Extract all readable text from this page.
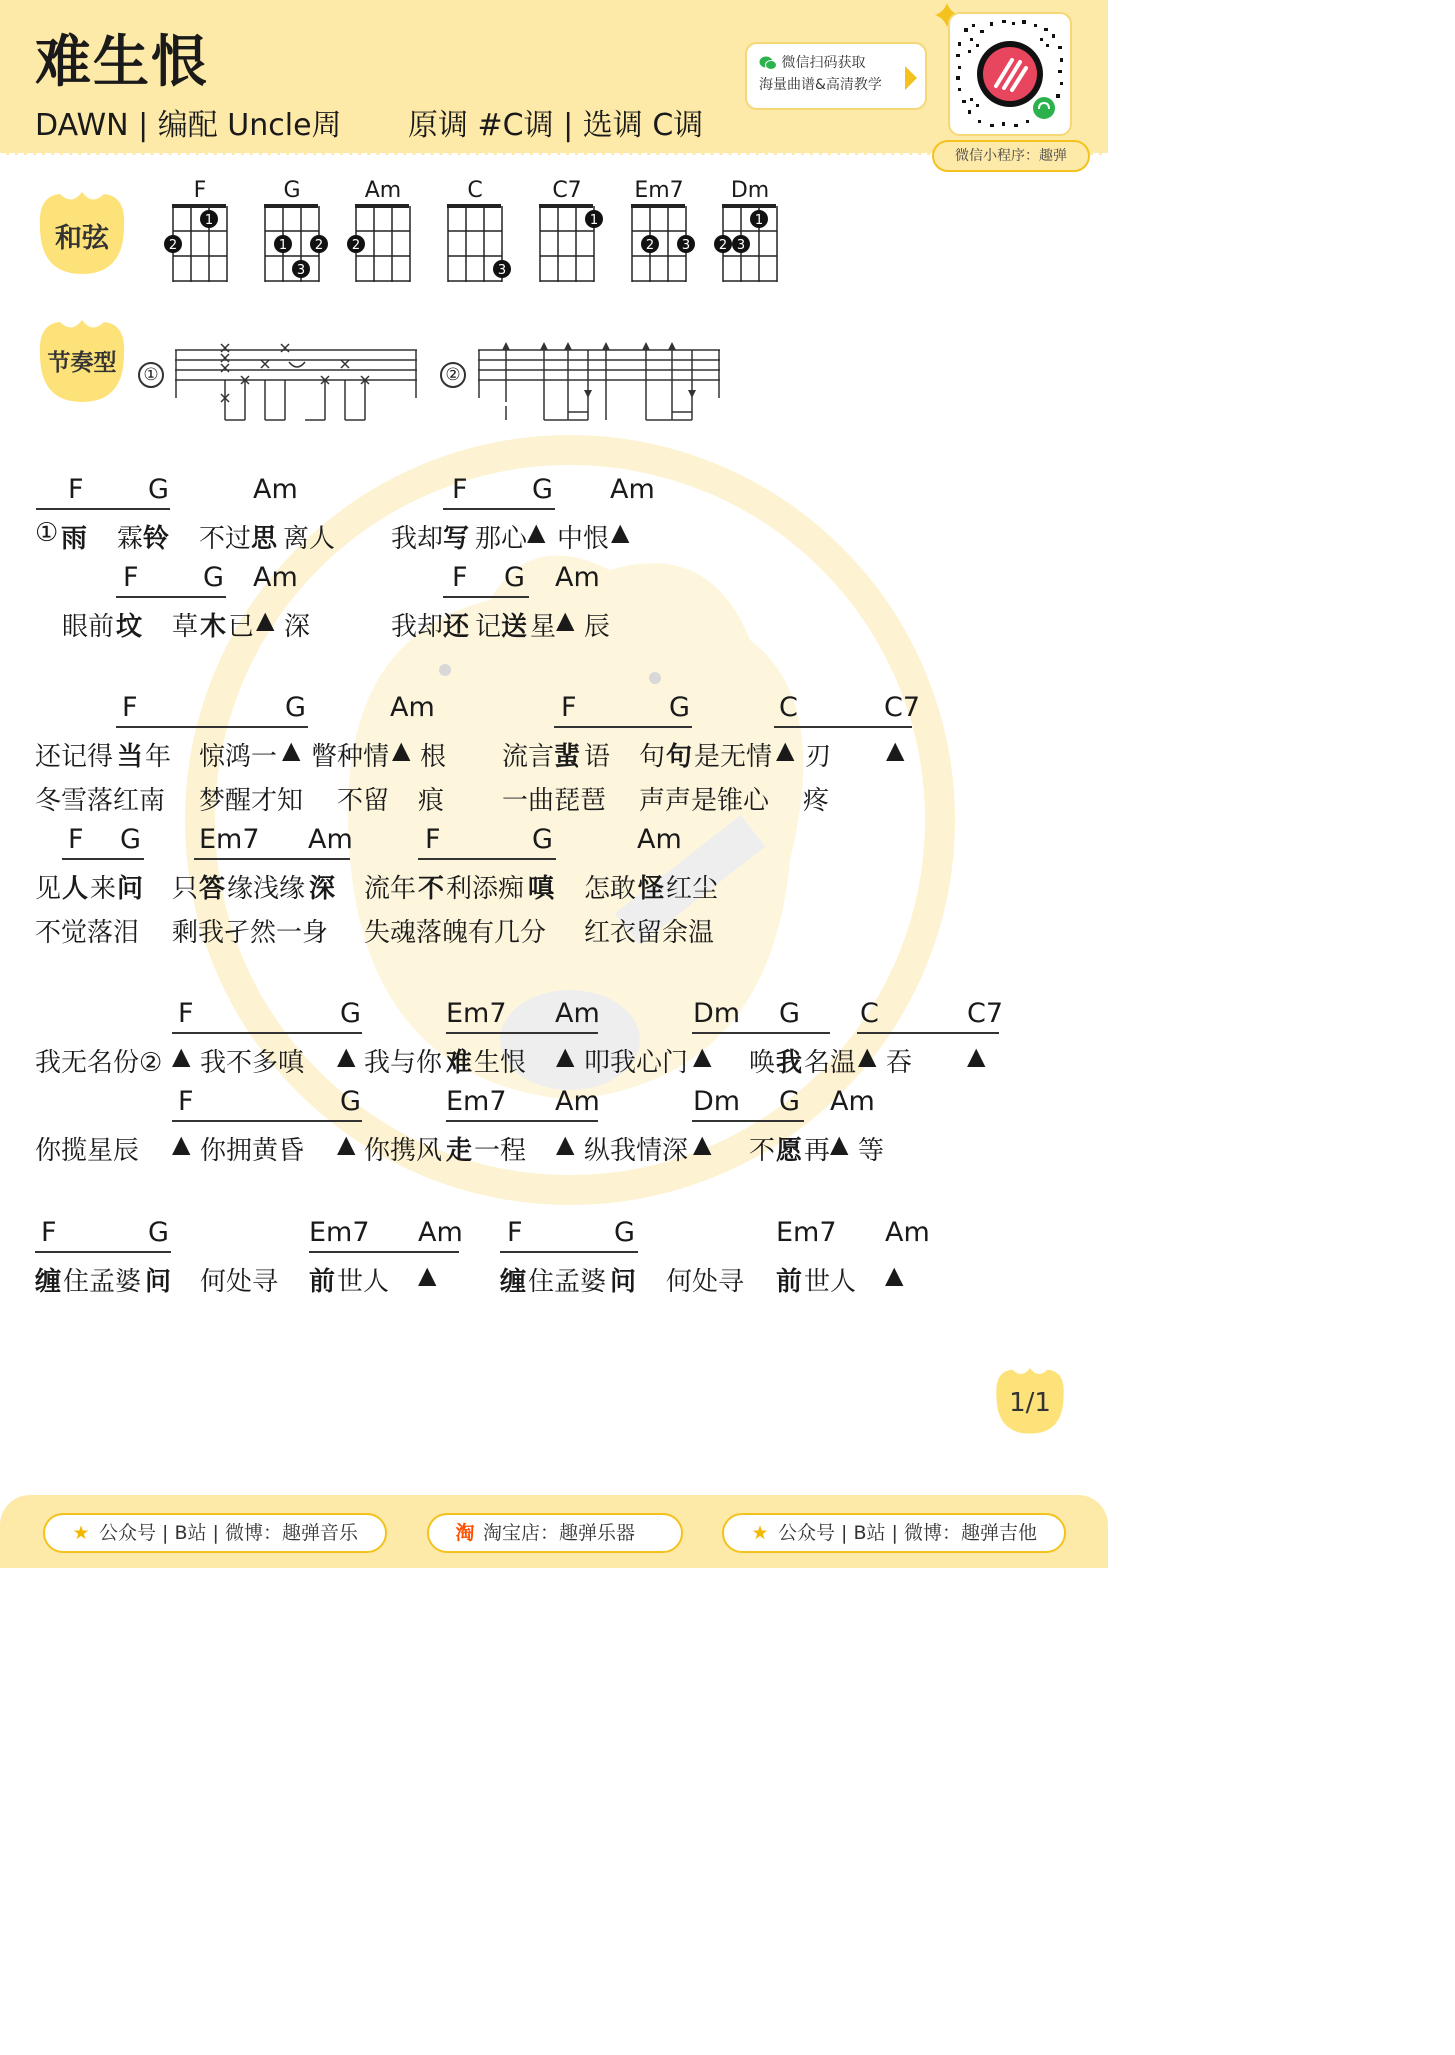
难生恨
DAWN | 编配 Uncle周 原调 #C调 | 选调 C调
微信扫码获取
海量曲谱&高清教学
微信小程序：趣弹
和弦
F
2
1
G
1 2
3
Am
2
C
3
C7
1
Em7
2 3
Dm
2 3
1
节奏型	①	②
F G	Am	F G Am
① 雨 霖 铃 不过 思 离人 我却 写 那心 ▲ 中恨 ▲
F G Am	F G Am
眼前 坟 草 木 已 ▲ 深	我却 还 记 送 星 ▲ 辰
F	G	Am	F	G	C	C7
还记得 当 年 惊鸿一 ▲ 瞥种情 ▲ 根 流言 蜚 语 句 句 是无情 ▲ 刃 ▲
冬雪落红南 梦醒才知 不留 痕 一曲琵琶 声声是锥心 疼
F G Em7 Am	F	G	Am
见 人 来 问 只 答 缘浅缘 深 流年 不 利添痴 嗔 怎敢 怪 红尘
不觉落泪 剩我孑然一身 失魂落魄有几分 红衣留余温
F	G	Em7 Am	Dm G C	C7
我无名份② ▲ 我不多嗔 ▲ 我与你 难 生恨 ▲ 叩我心门 ▲ 唤 我 名温 ▲ 吞 ▲
F	G	Em7 Am	Dm G Am
你揽星辰 ▲ 你拥黄昏 ▲ 你携风 走 一程 ▲ 纵我情深 ▲ 不 愿 再 ▲ 等
F	G	Em7 Am F	G	Em7 Am
缠 住孟婆 问 何处寻 前 世人 ▲ 缠 住孟婆 问 何处寻 前 世人 ▲
1/1
★ 公众号 | B站 | 微博：趣弹音乐	淘 淘宝店：趣弹乐器	★ 公众号 | B站 | 微博：趣弹吉他
